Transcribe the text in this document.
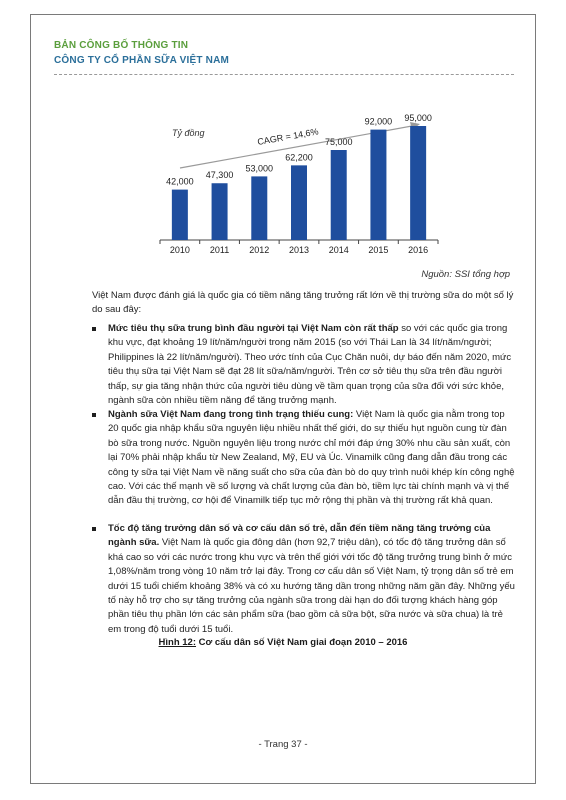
BẢN CÔNG BỐ THÔNG TIN
CÔNG TY CỔ PHẦN SỮA VIỆT NAM
Tỷ đồng	CAGR = 14,6%
42,000
2010
47,300
2011
53,000
2012
62,200
2013
75,000
2014
92,000
2015
95,000
2016
Nguồn: SSI tổng hợp
Việt Nam được đánh giá là quốc gia có tiềm năng tăng trưởng rất lớn về thị trường sữa do một số lý do sau đây:
Mức tiêu thụ sữa trung bình đầu người tại Việt Nam còn rất thấp so với các quốc gia trong khu vực, đạt khoảng 19 lít/năm/người trong năm 2015 (so với Thái Lan là 34 lít/năm/người; Philippines là 22 lít/năm/người). Theo ước tính của Cục Chăn nuôi, dự báo đến năm 2020, mức tiêu thụ sữa tại Việt Nam sẽ đạt 28 lít sữa/năm/người. Trên cơ sở tiêu thụ sữa trên đầu người thấp, sự gia tăng nhận thức của người tiêu dùng về tầm quan trọng của sữa đối với sức khỏe, ngành sữa còn nhiều tiềm năng để tăng trưởng mạnh.
Ngành sữa Việt Nam đang trong tình trạng thiếu cung: Việt Nam là quốc gia nằm trong top 20 quốc gia nhập khẩu sữa nguyên liệu nhiều nhất thế giới, do sự thiếu hụt nguồn cung từ đàn bò sữa trong nước. Nguồn nguyên liệu trong nước chỉ mới đáp ứng 30% nhu cầu sản xuất, còn lại 70% phải nhập khẩu từ New Zealand, Mỹ, EU và Úc. Vinamilk cũng đang dẫn đầu trong các công ty sữa tại Việt Nam về năng suất cho sữa của đàn bò do quy trình nuôi khép kín công nghệ cao. Với các thế mạnh về số lượng và chất lượng của đàn bò, tiềm lực tài chính mạnh và vị thế dẫn đầu thị trường, cơ hội để Vinamilk tiếp tục mở rộng thị phần và thị trường rất khả quan.
Tốc độ tăng trưởng dân số và cơ cấu dân số trẻ, dẫn đến tiềm năng tăng trưởng của ngành sữa. Việt Nam là quốc gia đông dân (hơn 92,7 triệu dân), có tốc độ tăng trưởng dân số khá cao so với các nước trong khu vực và trên thế giới với tốc độ tăng trưởng trung bình ở mức 1,08%/năm trong vòng 10 năm trở lại đây. Trong cơ cấu dân số Việt Nam, tỷ trọng dân số trẻ em dưới 15 tuổi chiếm khoảng 38% và có xu hướng tăng dần trong những năm gần đây. Những yếu tố này hỗ trợ cho sự tăng trưởng của ngành sữa trong dài hạn do đối tượng khách hàng góp phần tiêu thụ phần lớn các sản phẩm sữa (bao gồm cả sữa bột, sữa nước và sữa chua) là trẻ em trong độ tuổi dưới 15 tuổi.
Hình 12: Cơ cấu dân số Việt Nam giai đoạn 2010 – 2016
- Trang 37 -
